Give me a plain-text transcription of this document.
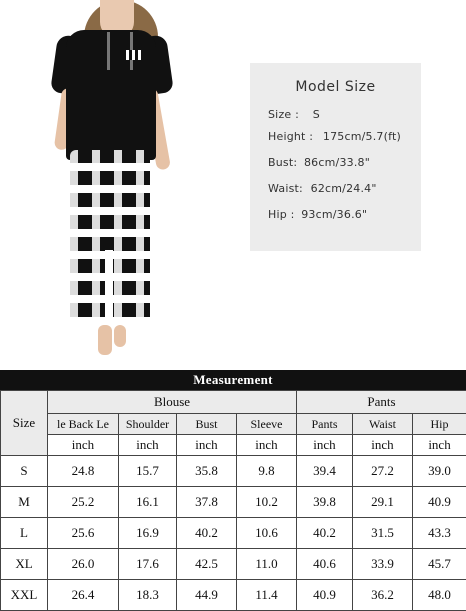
Model Size
Size : S
Height : 175cm/5.7(ft)
Bust: 86cm/33.8"
Waist: 62cm/24.4"
Hip : 93cm/36.6"
Measurement
Size	Blouse				Pants		
	le Back Le	Shoulder	Bust	Sleeve	Pants	Waist	Hip
	inch	inch	inch	inch	inch	inch	inch
S	24.8	15.7	35.8	9.8	39.4	27.2	39.0
M	25.2	16.1	37.8	10.2	39.8	29.1	40.9
L	25.6	16.9	40.2	10.6	40.2	31.5	43.3
XL	26.0	17.6	42.5	11.0	40.6	33.9	45.7
XXL	26.4	18.3	44.9	11.4	40.9	36.2	48.0
